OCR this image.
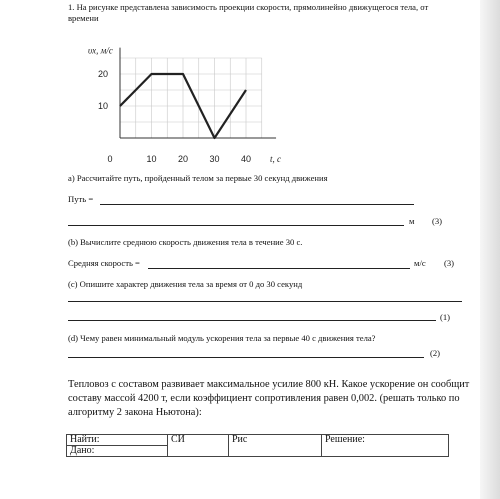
1. На рисунке представлена зависимость проекции скорости, прямолинейно движущегося тела, от
времени
υx, м/с
t, с
0	10 20 30 40
10
20
а) Рассчитайте путь, пройденный телом за первые 30 секунд движения
Путь =
м (3)
(b) Вычислите среднюю скорость движения тела в течение 30 с.
Средняя скорость =	м/с (3)
(c) Опишите характер движения тела за время от 0 до 30 секунд
(1)
(d) Чему равен минимальный модуль ускорения тела за первые 40 с движения тела?
(2)
Тепловоз с составом развивает максимальное усилие 800 кН. Какое ускорение он сообщит составу массой 4200 т, если коэффициент сопротивления равен 0,002. (решать только по алгоритму 2 закона Ньютона):
Найти:	СИ	Рис	Решение:
Дано:
